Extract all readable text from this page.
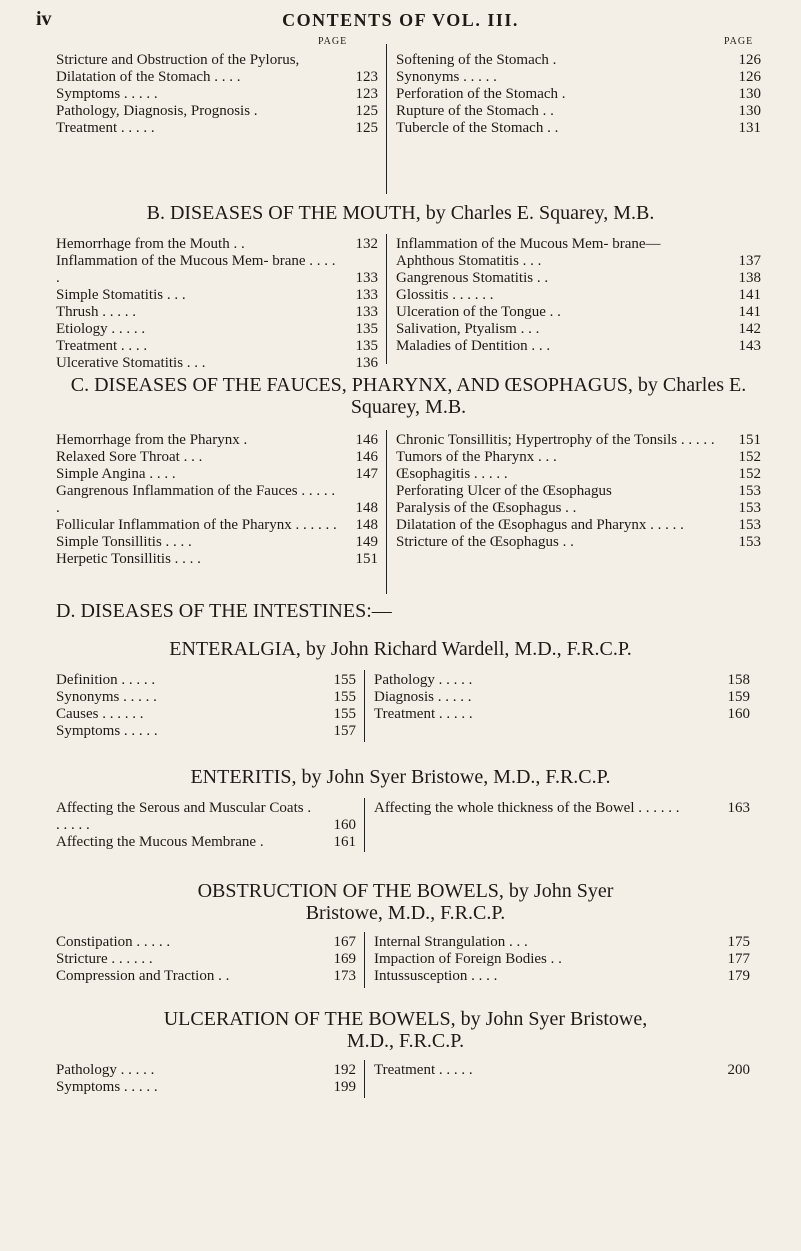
iv	CONTENTS OF VOL. III.
PAGE	PAGE
Stricture and Obstruction of the Pylorus, Dilatation of the Stomach . . . .	123
Symptoms . . . . .	123
Pathology, Diagnosis, Prognosis .	125
Treatment . . . . .	125
Softening of the Stomach .	126
Synonyms . . . . .	126
Perforation of the Stomach .	130
Rupture of the Stomach . .	130
Tubercle of the Stomach . .	131
B. DISEASES OF THE MOUTH, by Charles E. Squarey, M.B.
Hemorrhage from the Mouth . .	132
Inflammation of the Mucous Mem- brane . . . . .	133
Simple Stomatitis . . .	133
Thrush . . . . .	133
Etiology . . . . .	135
Treatment . . . .	135
Ulcerative Stomatitis . . .	136
Inflammation of the Mucous Mem- brane—
Aphthous Stomatitis . . .	137
Gangrenous Stomatitis . .	138
Glossitis . . . . . .	141
Ulceration of the Tongue . .	141
Salivation, Ptyalism . . .	142
Maladies of Dentition . . .	143
C. DISEASES OF THE FAUCES, PHARYNX, AND ŒSOPHAGUS, by Charles E. Squarey, M.B.
Hemorrhage from the Pharynx .	146
Relaxed Sore Throat . . .	146
Simple Angina . . . .	147
Gangrenous Inflammation of the Fauces . . . . . .	148
Follicular Inflammation of the Pharynx . . . . . . 148
Simple Tonsillitis . . . .	149
Herpetic Tonsillitis . . . .	151
Chronic Tonsillitis; Hypertrophy of the Tonsils . . . . . 151
Tumors of the Pharynx . . .	152
Œsophagitis . . . . .	152
Perforating Ulcer of the Œsophagus	153
Paralysis of the Œsophagus . .	153
Dilatation of the Œsophagus and Pharynx . . . . .	153
Stricture of the Œsophagus . .	153
D. DISEASES OF THE INTESTINES:—
ENTERALGIA, by John Richard Wardell, M.D., F.R.C.P.
Definition . . . . .	155
Synonyms . . . . .	155
Causes . . . . . .	155
Symptoms . . . . .	157
Pathology . . . . .	158
Diagnosis . . . . .	159
Treatment . . . . .	160
ENTERITIS, by John Syer Bristowe, M.D., F.R.C.P.
Affecting the Serous and Muscular Coats . . . . . .	160
Affecting the Mucous Membrane .	161
Affecting the whole thickness of the Bowel . . . . . .	163
OBSTRUCTION OF THE BOWELS, by John Syer Bristowe, M.D., F.R.C.P.
Constipation . . . . .	167
Stricture . . . . . .	169
Compression and Traction . .	173
Internal Strangulation . . .	175
Impaction of Foreign Bodies . .	177
Intussusception . . . .	179
ULCERATION OF THE BOWELS, by John Syer Bristowe, M.D., F.R.C.P.
Pathology . . . . .	192
Symptoms . . . . .	199
Treatment . . . . .	200
